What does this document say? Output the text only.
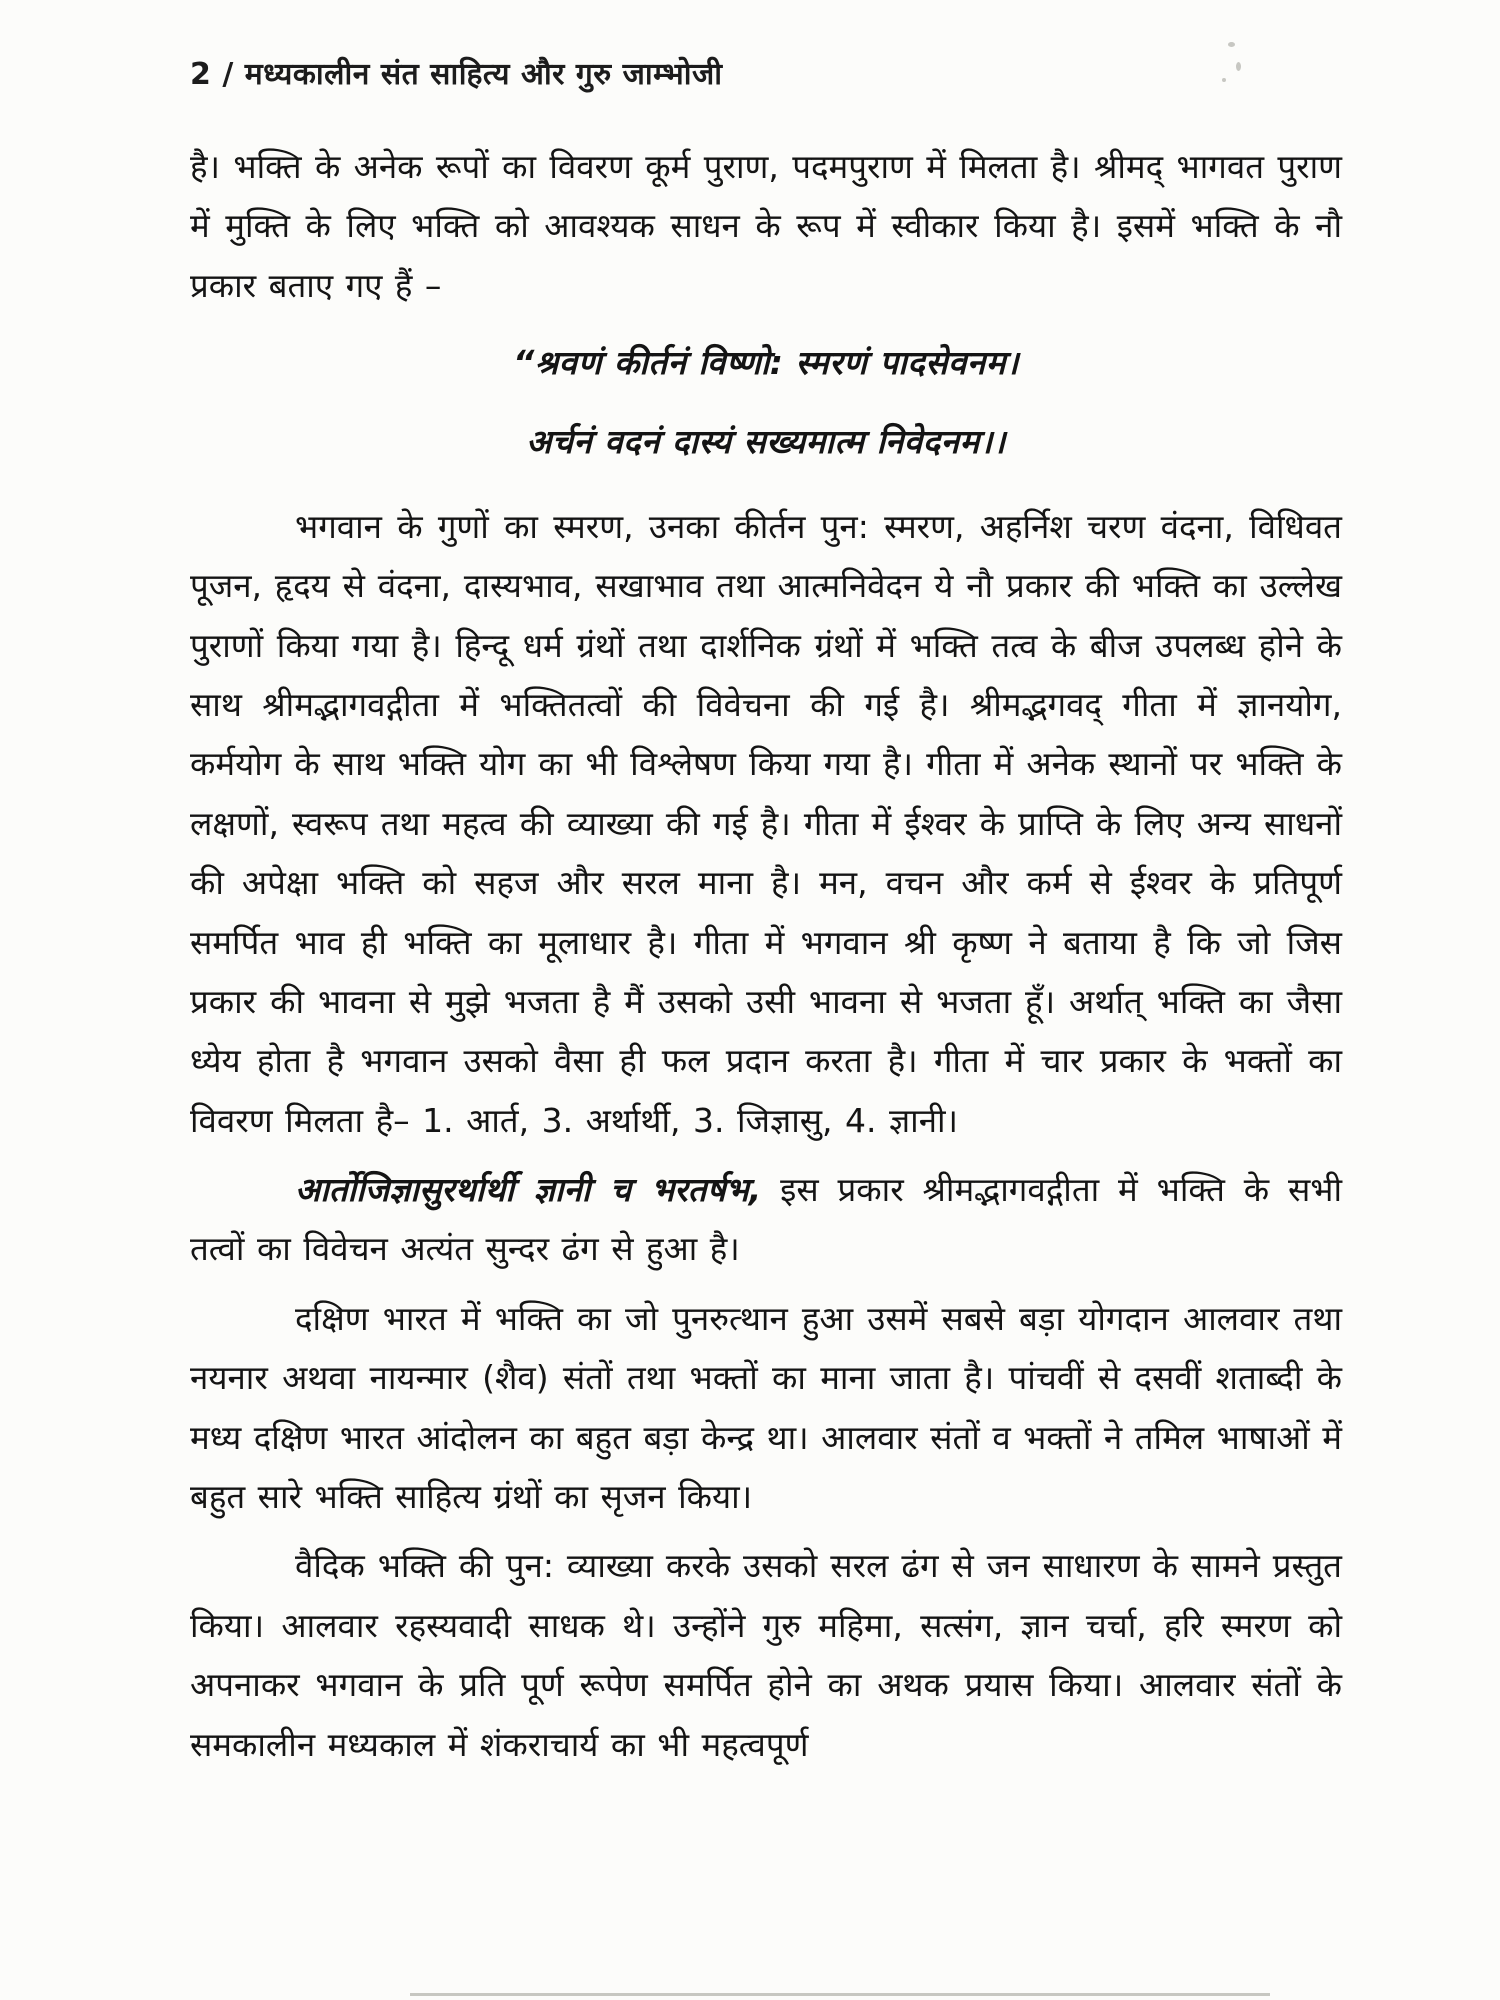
2 / मध्यकालीन संत साहित्य और गुरु जाम्भोजी

है। भक्ति के अनेक रूपों का विवरण कूर्म पुराण, पदमपुराण में मिलता है। श्रीमद् भागवत पुराण में मुक्ति के लिए भक्ति को आवश्यक साधन के रूप में स्वीकार किया है। इसमें भक्ति के नौ प्रकार बताए गए हैं –

“श्रवणं कीर्तनं विष्णो: स्मरणं पादसेवनम।

अर्चनं वदनं दास्यं सख्यमात्म निवेदनम।।

भगवान के गुणों का स्मरण, उनका कीर्तन पुन: स्मरण, अहर्निश चरण वंदना, विधिवत पूजन, हृदय से वंदना, दास्यभाव, सखाभाव तथा आत्मनिवेदन ये नौ प्रकार की भक्ति का उल्लेख पुराणों किया गया है। हिन्दू धर्म ग्रंथों तथा दार्शनिक ग्रंथों में भक्ति तत्व के बीज उपलब्ध होने के साथ श्रीमद्भागवद्गीता में भक्तितत्वों की विवेचना की गई है। श्रीमद्भगवद् गीता में ज्ञानयोग, कर्मयोग के साथ भक्ति योग का भी विश्लेषण किया गया है। गीता में अनेक स्थानों पर भक्ति के लक्षणों, स्वरूप तथा महत्व की व्याख्या की गई है। गीता में ईश्वर के प्राप्ति के लिए अन्य साधनों की अपेक्षा भक्ति को सहज और सरल माना है। मन, वचन और कर्म से ईश्वर के प्रतिपूर्ण समर्पित भाव ही भक्ति का मूलाधार है। गीता में भगवान श्री कृष्ण ने बताया है कि जो जिस प्रकार की भावना से मुझे भजता है मैं उसको उसी भावना से भजता हूँ। अर्थात् भक्ति का जैसा ध्येय होता है भगवान उसको वैसा ही फल प्रदान करता है। गीता में चार प्रकार के भक्तों का विवरण मिलता है– 1. आर्त, 3. अर्थार्थी, 3. जिज्ञासु, 4. ज्ञानी।

आर्तोजिज्ञासुरर्थार्थी ज्ञानी च भरतर्षभ, इस प्रकार श्रीमद्भागवद्गीता में भक्ति के सभी तत्वों का विवेचन अत्यंत सुन्दर ढंग से हुआ है।

दक्षिण भारत में भक्ति का जो पुनरुत्थान हुआ उसमें सबसे बड़ा योगदान आलवार तथा नयनार अथवा नायन्मार (शैव) संतों तथा भक्तों का माना जाता है। पांचवीं से दसवीं शताब्दी के मध्य दक्षिण भारत आंदोलन का बहुत बड़ा केन्द्र था। आलवार संतों व भक्तों ने तमिल भाषाओं में बहुत सारे भक्ति साहित्य ग्रंथों का सृजन किया।

वैदिक भक्ति की पुन: व्याख्या करके उसको सरल ढंग से जन साधारण के सामने प्रस्तुत किया। आलवार रहस्यवादी साधक थे। उन्होंने गुरु महिमा, सत्संग, ज्ञान चर्चा, हरि स्मरण को अपनाकर भगवान के प्रति पूर्ण रूपेण समर्पित होने का अथक प्रयास किया। आलवार संतों के समकालीन मध्यकाल में शंकराचार्य का भी महत्वपूर्ण
